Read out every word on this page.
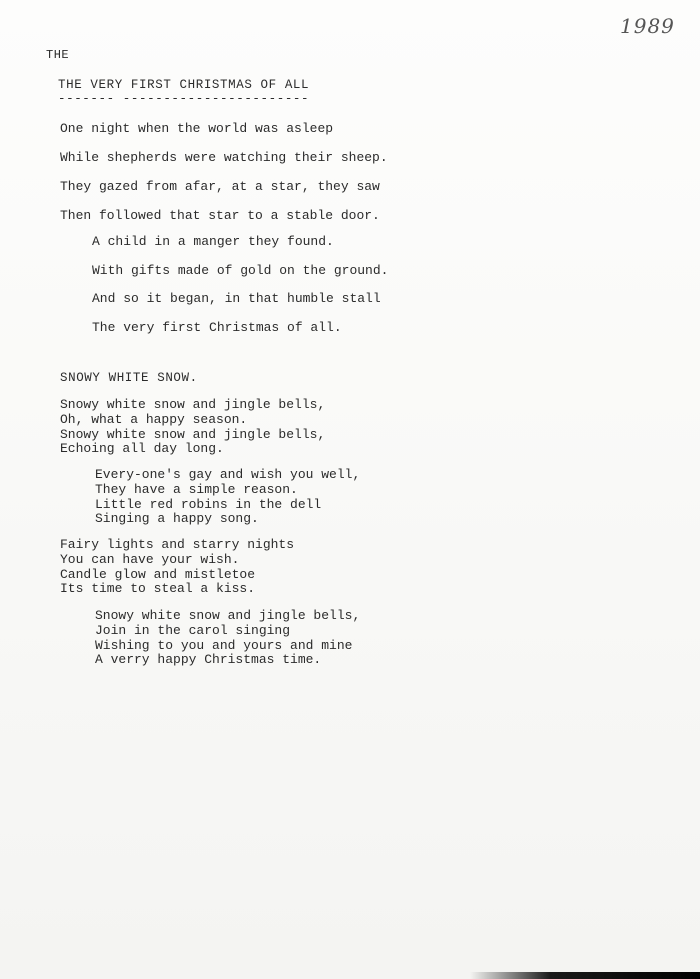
1989
THE
THE VERY FIRST CHRISTMAS OF ALL
------- -----------------------
One night when the world was asleep
While shepherds were watching their sheep.
They gazed from afar, at a star, they saw
Then followed that star to a stable door.
A child in a manger they found.
With gifts made of gold on the ground.
And so it began, in that humble stall
The very first Christmas of all.
SNOWY WHITE SNOW.
Snowy white snow and jingle bells,
Oh, what a happy season.
Snowy white snow and jingle bells,
Echoing all day long.
Every-one's gay and wish you well,
They have a simple reason.
Little red robins in the dell
Singing a happy song.
Fairy lights and starry nights
You can have your wish.
Candle glow and mistletoe
Its time to steal a kiss.
Snowy white snow and jingle bells,
Join in the carol singing
Wishing to you and yours and mine
A verry happy Christmas time.
